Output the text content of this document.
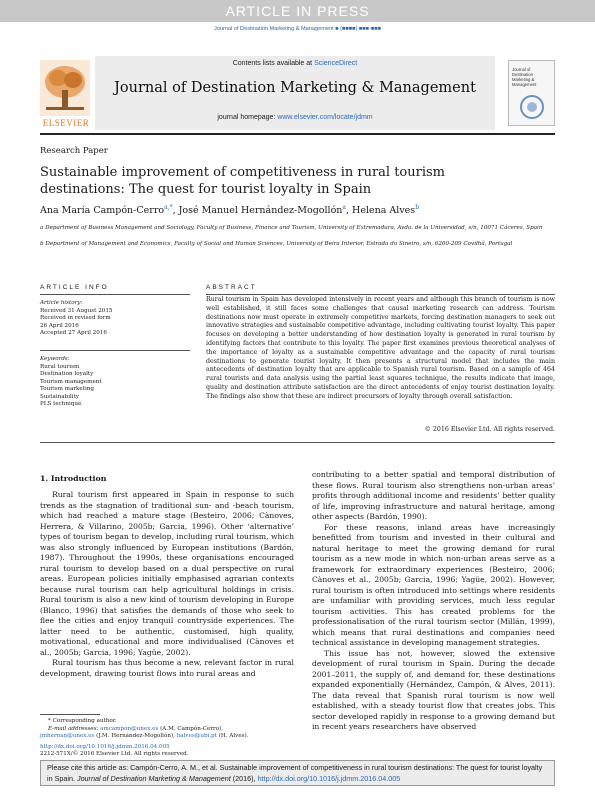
ARTICLE IN PRESS
Journal of Destination Marketing & Management ■ (■■■■) ■■■-■■■
ELSEVIER
Contents lists available at ScienceDirect
Journal of Destination Marketing & Management
journal homepage: www.elsevier.com/locate/jdmm
Journal of Destination Marketing & Management
Research Paper
Sustainable improvement of competitiveness in rural tourism destinations: The quest for tourist loyalty in Spain
Ana María Campón-Cerro$^{a,*}$, José Manuel Hernández-Mogollón$^a$, Helena Alves$^b$
a Department of Business Management and Sociology, Faculty of Business, Finance and Tourism, University of Extremadura, Avda. de la Universidad, s/n, 10071 Cáceres, Spain
b Department of Management and Economics, Faculty of Social and Human Sciences, University of Beira Interior, Estrada do Sineiro, s/n, 6200-209 Covilhã, Portugal
ARTICLE INFO
Article history:
Received 31 August 2015
Received in revised form
26 April 2016
Accepted 27 April 2016
Keywords:
Rural tourism
Destination loyalty
Tourism management
Tourism marketing
Sustainability
PLS technique
ABSTRACT
Rural tourism in Spain has developed intensively in recent years and although this branch of tourism is now well established, it still faces some challenges that causal marketing research can address. Tourism destinations now must operate in extremely competitive markets, forcing destination managers to seek out innovative strategies and sustainable competitive advantage, including cultivating tourist loyalty. This paper focuses on developing a better understanding of how destination loyalty is generated in rural tourism by identifying factors that contribute to this loyalty. The paper first examines previous theoretical analyses of the importance of loyalty as a sustainable competitive advantage and the capacity of rural tourism destinations to generate tourist loyalty. It then presents a structural model that includes the main antecedents of destination loyalty that are applicable to Spanish rural tourism. Based on a sample of 464 rural tourists and data analysis using the partial least squares technique, the results indicate that image, quality and destination attribute satisfaction are the direct antecedents of enjoy tourist destination loyalty. The findings also show that these are indirect precursors of loyalty through overall satisfaction.
© 2016 Elsevier Ltd. All rights reserved.
1. Introduction

Rural tourism first appeared in Spain in response to such trends as the stagnation of traditional sun- and -beach tourism, which had reached a mature stage (Besteiro, 2006; Cànoves, Herrera, & Villarino, 2005b; Garcia, 1996). Other ‘alternative’ types of tourism began to develop, including rural tourism, which was also strongly influenced by European institutions (Bardón, 1987). Throughout the 1990s, these organisations encouraged rural tourism to develop based on a dual perspective on rural areas. European policies initially emphasised agrarian contexts because rural tourism can help agricultural holdings in crisis. Rural tourism is also a new kind of tourism developing in Europe (Blanco, 1996) that satisfies the demands of those who seek to flee the cities and enjoy tranquil countryside experiences. The latter need to be authentic, customised, high quality, motivational, educational and more individualised (Cànoves et al., 2005b; Garcia, 1996; Yagüe, 2002).

Rural tourism has thus become a new, relevant factor in rural development, drawing tourist flows into rural areas and

contributing to a better spatial and temporal distribution of these flows. Rural tourism also strengthens non-urban areas’ profits through additional income and residents’ better quality of life, improving infrastructure and natural heritage, among other aspects (Bardón, 1990).

For these reasons, inland areas have increasingly benefitted from tourism and invested in their cultural and natural heritage to meet the growing demand for rural tourism as a new mode in which non-urban areas serve as a framework for extraordinary experiences (Besteiro, 2006; Cànoves et al., 2005b; Garcia, 1996; Yagüe, 2002). However, rural tourism is often introduced into settings where residents are unfamiliar with providing services, much less regular tourism activities. This has created problems for the professionalisation of the rural tourism sector (Millán, 1999), which means that rural destinations and companies need technical assistance in developing management strategies.

This issue has not, however, slowed the extensive development of rural tourism in Spain. During the decade 2001–2011, the supply of, and demand for, these destinations expanded exponentially (Hernández, Campón, & Alves, 2011). The data reveal that Spanish rural tourism is now well established, with a steady tourist flow that creates jobs. This sector developed rapidly in response to a growing demand but in recent years researchers have observed

* Corresponding author.
E-mail addresses: amcampon@unex.es (A.M. Campón-Cerro),
jmhernan@unex.es (J.M. Hernández-Mogollón), halves@ubi.pt (H. Alves).
http://dx.doi.org/10.1016/j.jdmm.2016.04.005
2212-571X/© 2016 Elsevier Ltd. All rights reserved.
Please cite this article as: Campón-Cerro, A. M., et al. Sustainable improvement of competitiveness in rural tourism destinations: The quest for tourist loyalty in Spain. Journal of Destination Marketing & Management (2016), http://dx.doi.org/10.1016/j.jdmm.2016.04.005
